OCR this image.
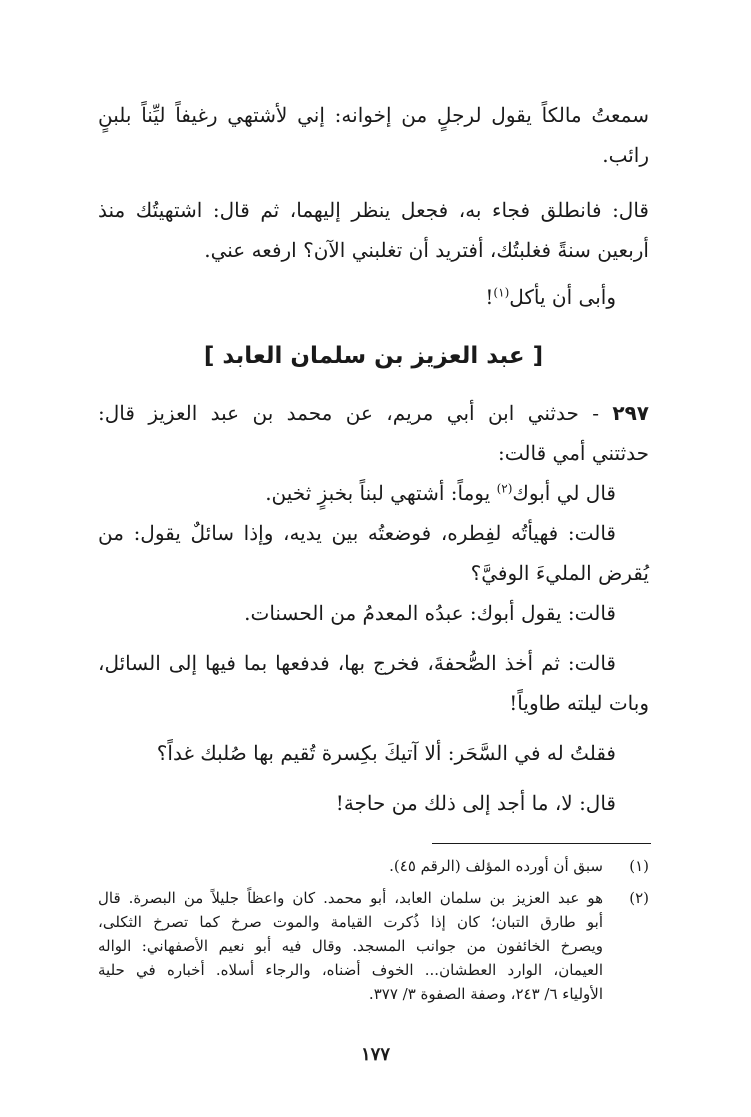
سمعتُ مالكاً يقول لرجلٍ من إخوانه: إني لأشتهي رغيفاً ليِّناً بلبنٍ
رائب.
قال: فانطلق فجاء به، فجعل ينظر إليهما، ثم قال: اشتهيتُك منذ
أربعين سنةً فغلبتُك، أفتريد أن تغلبني الآن؟ ارفعه عني.
وأبى أن يأكل$^{(١)}$!
[ عبد العزيز بن سلمان العابد ]
٢٩٧ - حدثني ابن أبي مريم، عن محمد بن عبد العزيز قال:
حدثتني أمي قالت:
قال لي أبوك$^{(٢)}$ يوماً: أشتهي لبناً بخبزٍ ثخين.
قالت: فهيأتُه لفِطره، فوضعتُه بين يديه، وإذا سائلٌ يقول: من
يُقرض المليءَ الوفيَّ؟
قالت: يقول أبوك: عبدُه المعدمُ من الحسنات.
قالت: ثم أخذ الصُّحفةَ، فخرج بها، فدفعها بما فيها إلى السائل،
وبات ليلته طاوياً!
فقلتُ له في السَّحَر: ألا آتيكَ بكِسرة تُقيم بها صُلبك غداً؟
قال: لا، ما أجد إلى ذلك من حاجة!
(١)
سبق أن أورده المؤلف (الرقم ٤٥).
(٢)
هو عبد العزيز بن سلمان العابد، أبو محمد. كان واعظاً جليلاً من البصرة. قال
أبو طارق التبان؛ كان إذا ذُكرت القيامة والموت صرخ كما تصرخ الثكلى،
ويصرخ الخائفون من جوانب المسجد. وقال فيه أبو نعيم الأصفهاني: الواله
العيمان، الوارد العطشان... الخوف أضناه، والرجاء أسلاه. أخباره في حلية
الأولياء ٦/ ٢٤٣، وصفة الصفوة ٣/ ٣٧٧.
١٧٧
